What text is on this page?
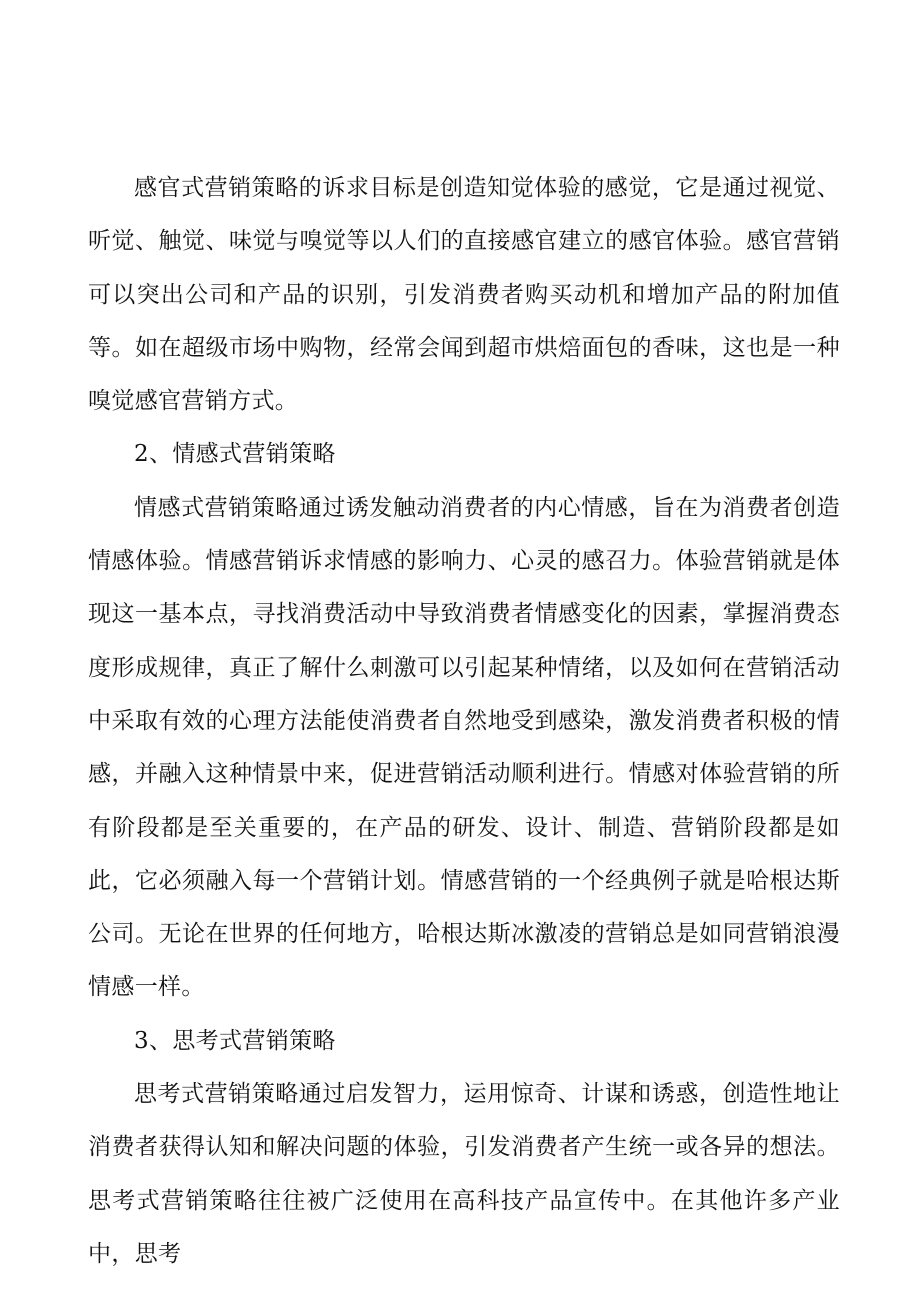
感官式营销策略的诉求目标是创造知觉体验的感觉，它是通过视觉、听觉、触觉、味觉与嗅觉等以人们的直接感官建立的感官体验。感官营销可以突出公司和产品的识别，引发消费者购买动机和增加产品的附加值等。如在超级市场中购物，经常会闻到超市烘焙面包的香味，这也是一种嗅觉感官营销方式。

2、情感式营销策略

情感式营销策略通过诱发触动消费者的内心情感，旨在为消费者创造情感体验。情感营销诉求情感的影响力、心灵的感召力。体验营销就是体现这一基本点，寻找消费活动中导致消费者情感变化的因素，掌握消费态度形成规律，真正了解什么刺激可以引起某种情绪，以及如何在营销活动中采取有效的心理方法能使消费者自然地受到感染，激发消费者积极的情感，并融入这种情景中来，促进营销活动顺利进行。情感对体验营销的所有阶段都是至关重要的，在产品的研发、设计、制造、营销阶段都是如此，它必须融入每一个营销计划。情感营销的一个经典例子就是哈根达斯公司。无论在世界的任何地方，哈根达斯冰激凌的营销总是如同营销浪漫情感一样。

3、思考式营销策略

思考式营销策略通过启发智力，运用惊奇、计谋和诱惑，创造性地让消费者获得认知和解决问题的体验，引发消费者产生统一或各异的想法。思考式营销策略往往被广泛使用在高科技产品宣传中。在其他许多产业中，思考
